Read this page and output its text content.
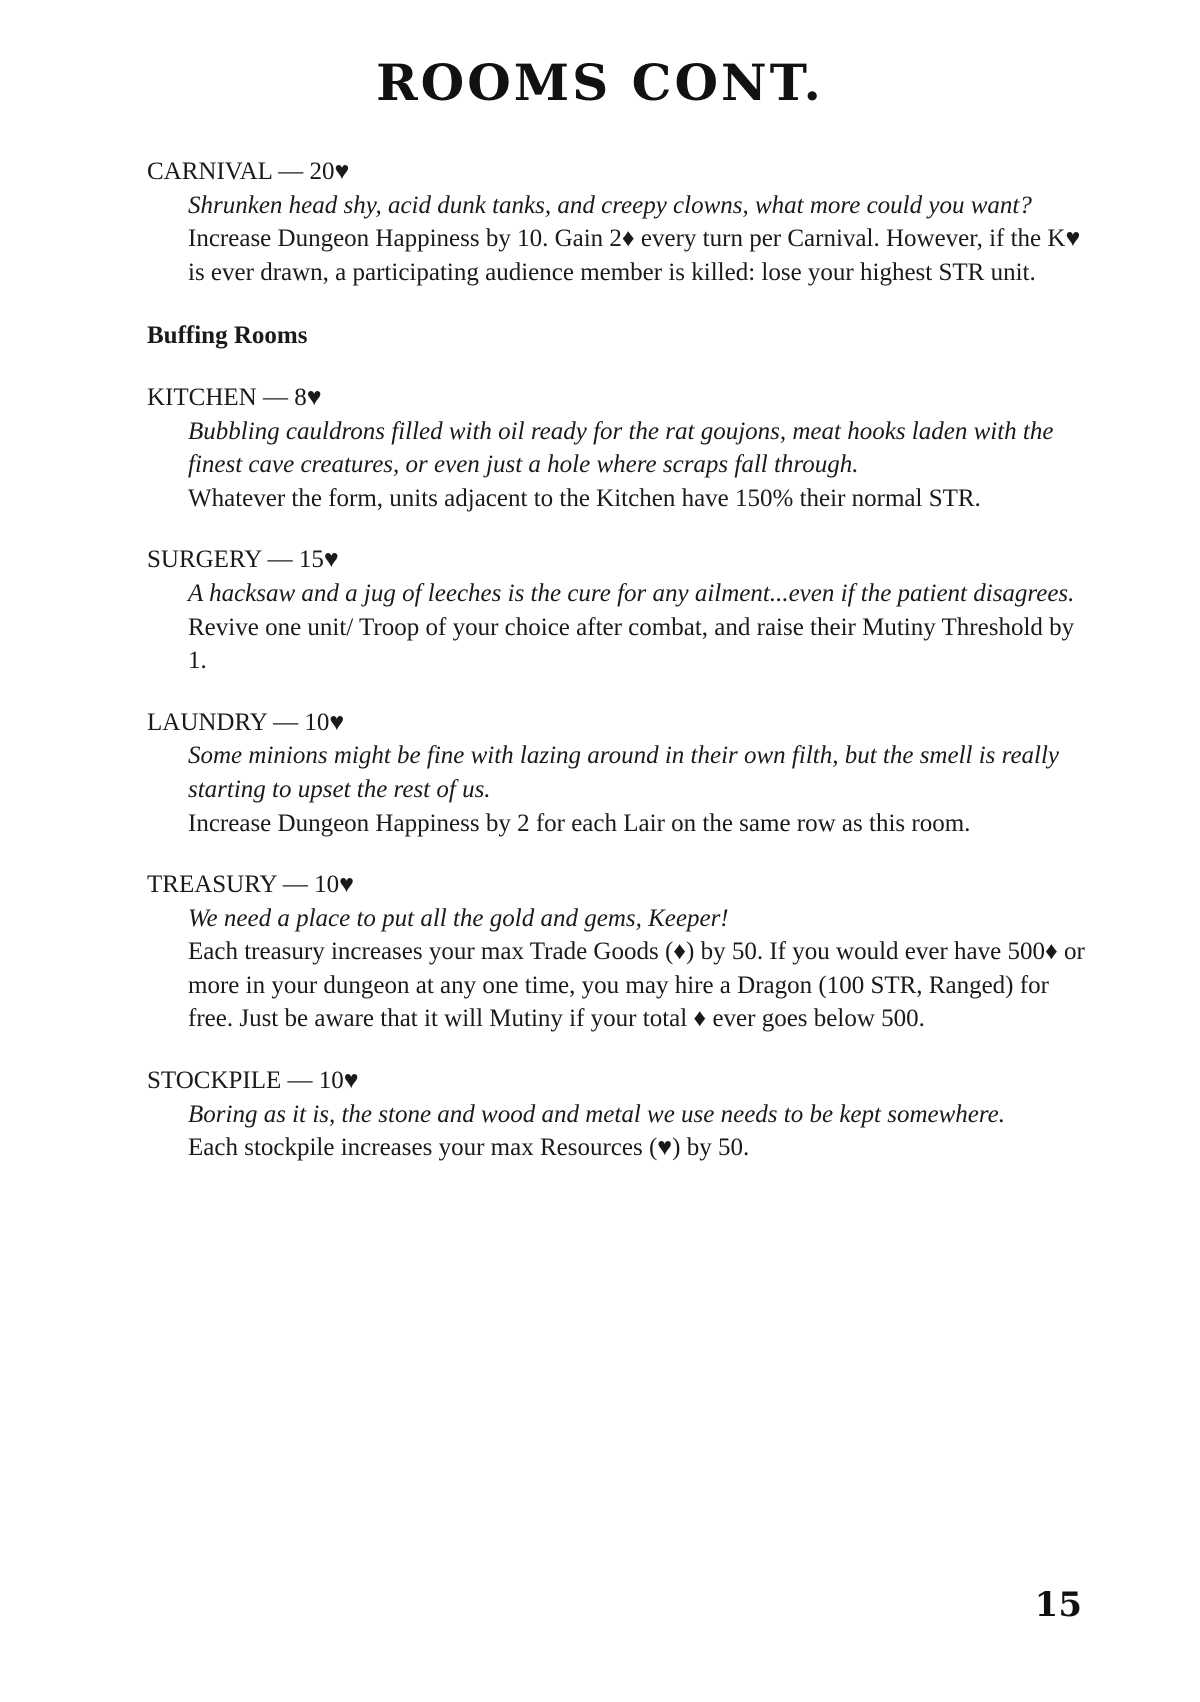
ROOMS CONT.

CARNIVAL — 20♥

Shrunken head shy, acid dunk tanks, and creepy clowns, what more could you want?

Increase Dungeon Happiness by 10. Gain 2♦ every turn per Carnival. However, if the K♥ is ever drawn, a participating audience member is killed: lose your highest STR unit.

Buffing Rooms

KITCHEN — 8♥

Bubbling cauldrons filled with oil ready for the rat goujons, meat hooks laden with the finest cave creatures, or even just a hole where scraps fall through.

Whatever the form, units adjacent to the Kitchen have 150% their normal STR.

SURGERY — 15♥

A hacksaw and a jug of leeches is the cure for any ailment...even if the patient disagrees.

Revive one unit/ Troop of your choice after combat, and raise their Mutiny Threshold by 1.

LAUNDRY — 10♥

Some minions might be fine with lazing around in their own filth, but the smell is really starting to upset the rest of us.

Increase Dungeon Happiness by 2 for each Lair on the same row as this room.

TREASURY — 10♥

We need a place to put all the gold and gems, Keeper!

Each treasury increases your max Trade Goods (♦) by 50. If you would ever have 500♦ or more in your dungeon at any one time, you may hire a Dragon (100 STR, Ranged) for free. Just be aware that it will Mutiny if your total ♦ ever goes below 500.

STOCKPILE — 10♥

Boring as it is, the stone and wood and metal we use needs to be kept somewhere.

Each stockpile increases your max Resources (♥) by 50.

15
